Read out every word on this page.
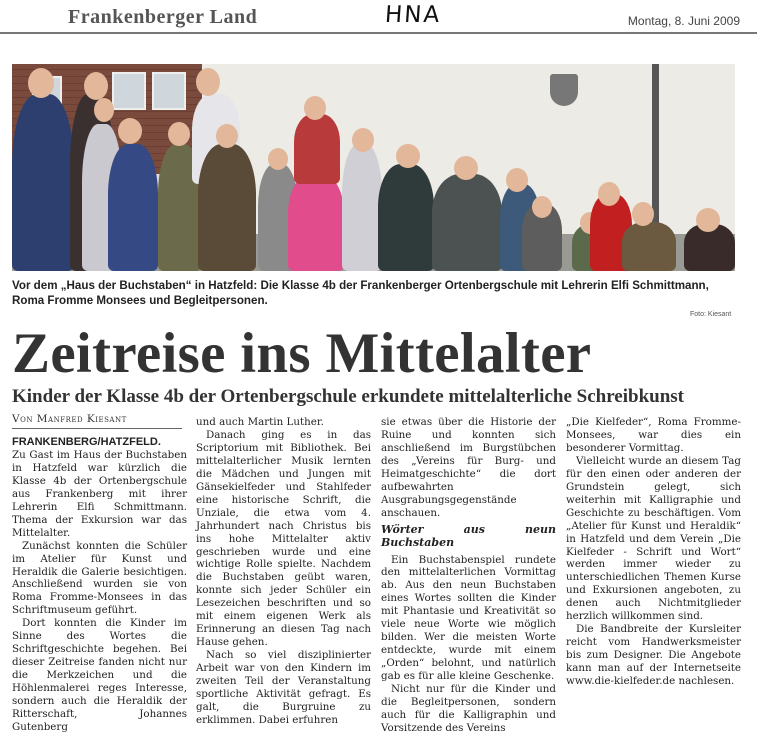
Frankenberger Land	HNA	Montag, 8. Juni 2009
Vor dem „Haus der Buchstaben“ in Hatzfeld: Die Klasse 4b der Frankenberger Ortenbergschule mit Lehrerin Elfi Schmittmann, Roma Fromme Monsees und Begleitpersonen.
Foto: Kiesant
Zeitreise ins Mittelalter
Kinder der Klasse 4b der Ortenbergschule erkundete mittelalterliche Schreibkunst
Von Manfred Kiesant

FRANKENBERG/HATZFELD.

Zu Gast im Haus der Buchstaben in Hatzfeld war kürzlich die Klasse 4b der Ortenbergschule aus Frankenberg mit ihrer Lehrerin Elfi Schmittmann. Thema der Exkursion war das Mittelalter.

Zunächst konnten die Schüler im Atelier für Kunst und Heraldik die Galerie besichtigen. Anschließend wurden sie von Roma Fromme-Monsees in das Schriftmuseum geführt.

Dort konnten die Kinder im Sinne des Wortes die Schriftgeschichte begehen. Bei dieser Zeitreise fanden nicht nur die Merkzeichen und die Höhlenmalerei reges Interesse, sondern auch die Heraldik der Ritterschaft, Johannes Gutenberg

und auch Martin Luther.

Danach ging es in das Scriptorium mit Bibliothek. Bei mittelalterlicher Musik lernten die Mädchen und Jungen mit Gänsekielfeder und Stahlfeder eine historische Schrift, die Unziale, die etwa vom 4. Jahrhundert nach Christus bis ins hohe Mittelalter aktiv geschrieben wurde und eine wichtige Rolle spielte. Nachdem die Buchstaben geübt waren, konnte sich jeder Schüler ein Lesezeichen beschriften und so mit einem eigenen Werk als Erinnerung an diesen Tag nach Hause gehen.

Nach so viel disziplinierter Arbeit war von den Kindern im zweiten Teil der Veranstaltung sportliche Aktivität gefragt. Es galt, die Burgruine zu erklimmen. Dabei erfuhren

sie etwas über die Historie der Ruine und konnten sich anschließend im Burgstübchen des „Vereins für Burg- und Heimatgeschichte“ die dort aufbewahrten Ausgrabungsgegenstände anschauen.

Wörter aus neun Buchstaben

Ein Buchstabenspiel rundete den mittelalterlichen Vormittag ab. Aus den neun Buchstaben eines Wortes sollten die Kinder mit Phantasie und Kreativität so viele neue Worte wie möglich bilden. Wer die meisten Worte entdeckte, wurde mit einem „Orden“ belohnt, und natürlich gab es für alle kleine Geschenke.

Nicht nur für die Kinder und die Begleitpersonen, sondern auch für die Kalligraphin und Vorsitzende des Vereins

„Die Kielfeder“, Roma Fromme-Monsees, war dies ein besonderer Vormittag.

Vielleicht wurde an diesem Tag für den einen oder anderen der Grundstein gelegt, sich weiterhin mit Kalligraphie und Geschichte zu beschäftigen. Vom „Atelier für Kunst und Heraldik“ in Hatzfeld und dem Verein „Die Kielfeder - Schrift und Wort“ werden immer wieder zu unterschiedlichen Themen Kurse und Exkursionen angeboten, zu denen auch Nichtmitglieder herzlich willkommen sind.

Die Bandbreite der Kursleiter reicht vom Handwerksmeister bis zum Designer. Die Angebote kann man auf der Internetseite www.die-kielfeder.de nachlesen.
